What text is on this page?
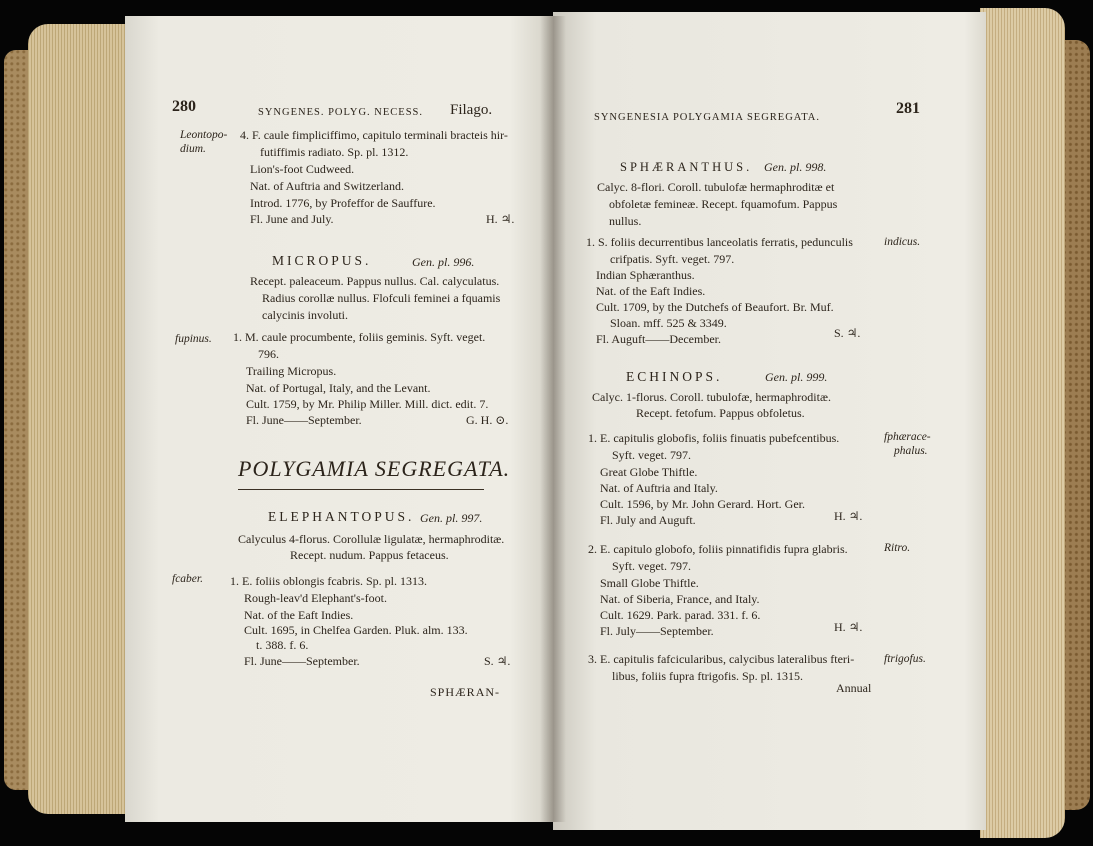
280	SYNGENES. POLYG. NECESS. Filago.
Leontopo-
dium.
4. F. caule fimpliciffimo, capitulo terminali bractеis hir-
futiffimis radiato. Sp. pl. 1312.
Lion's-foot Cudweed.
Nat. of Auftria and Switzerland.
Introd. 1776, by Profeffor de Sauffure.
Fl. June and July.	H. ♃.
MICROPUS.	Gen. pl. 996.
Recept. paleaceum. Pappus nullus. Cal. calyculatus.
Radius corollæ nullus. Flofculi feminei a fquamis
calycinis involuti.
fupinus. 1. M. caule procumbente, foliis geminis. Syft. veget.
796.
Trailing Micropus.
Nat. of Portugal, Italy, and the Levant.
Cult. 1759, by Mr. Philip Miller. Mill. dict. edit. 7.
Fl. June——September.	G. H. ⊙.
POLYGAMIA SEGREGATA.
ELEPHANTOPUS. Gen. pl. 997.
Calyculus 4-florus. Corollulæ ligulatæ, hermaphroditæ.
Recept. nudum. Pappus fetaceus.
fcaber. 1. E. foliis oblongis fcabris. Sp. pl. 1313.
Rough-leav'd Elephant's-foot.
Nat. of the Eaft Indies.
Cult. 1695, in Chelfea Garden. Pluk. alm. 133.
t. 388. f. 6.
Fl. June——September.	S. ♃.
SPHÆRAN-
SYNGENESIA POLYGAMIA SEGREGATA.
281
SPHÆRANTHUS. Gen. pl. 998.
Calyc. 8-flori. Coroll. tubulofæ hermaphroditæ et
obfoletæ femineæ. Recept. fquamofum. Pappus
nullus.
1. S. foliis decurrentibus lanceolatis ferratis, pedunculis	indicus.
crifpatis. Syft. veget. 797.
Indian Sphæranthus.
Nat. of the Eaft Indies.
Cult. 1709, by the Dutchefs of Beaufort. Br. Muf.
Sloan. mff. 525 & 3349.
Fl. Auguft——December.	S. ♃.
ECHINOPS.	Gen. pl. 999.
Calyc. 1-florus. Coroll. tubulofæ, hermaphroditæ.
Recept. fetofum. Pappus obfoletus.
1. E. capitulis globofis, foliis finuatis pubefcentibus.	fphærace-
phalus.
Syft. veget. 797.
Great Globe Thiftle.
Nat. of Auftria and Italy.
Cult. 1596, by Mr. John Gerard. Hort. Ger.
Fl. July and Auguft.	H. ♃.
2. E. capitulo globofo, foliis pinnatifidis fupra glabris.	Ritro.
Syft. veget. 797.
Small Globe Thiftle.
Nat. of Siberia, France, and Italy.
Cult. 1629. Park. parad. 331. f. 6.
Fl. July——September.	H. ♃.
3. E. capitulis fafcicularibus, calycibus lateralibus fteri-	ftrigofus.
libus, foliis fupra ftrigofis. Sp. pl. 1315.
Annual
